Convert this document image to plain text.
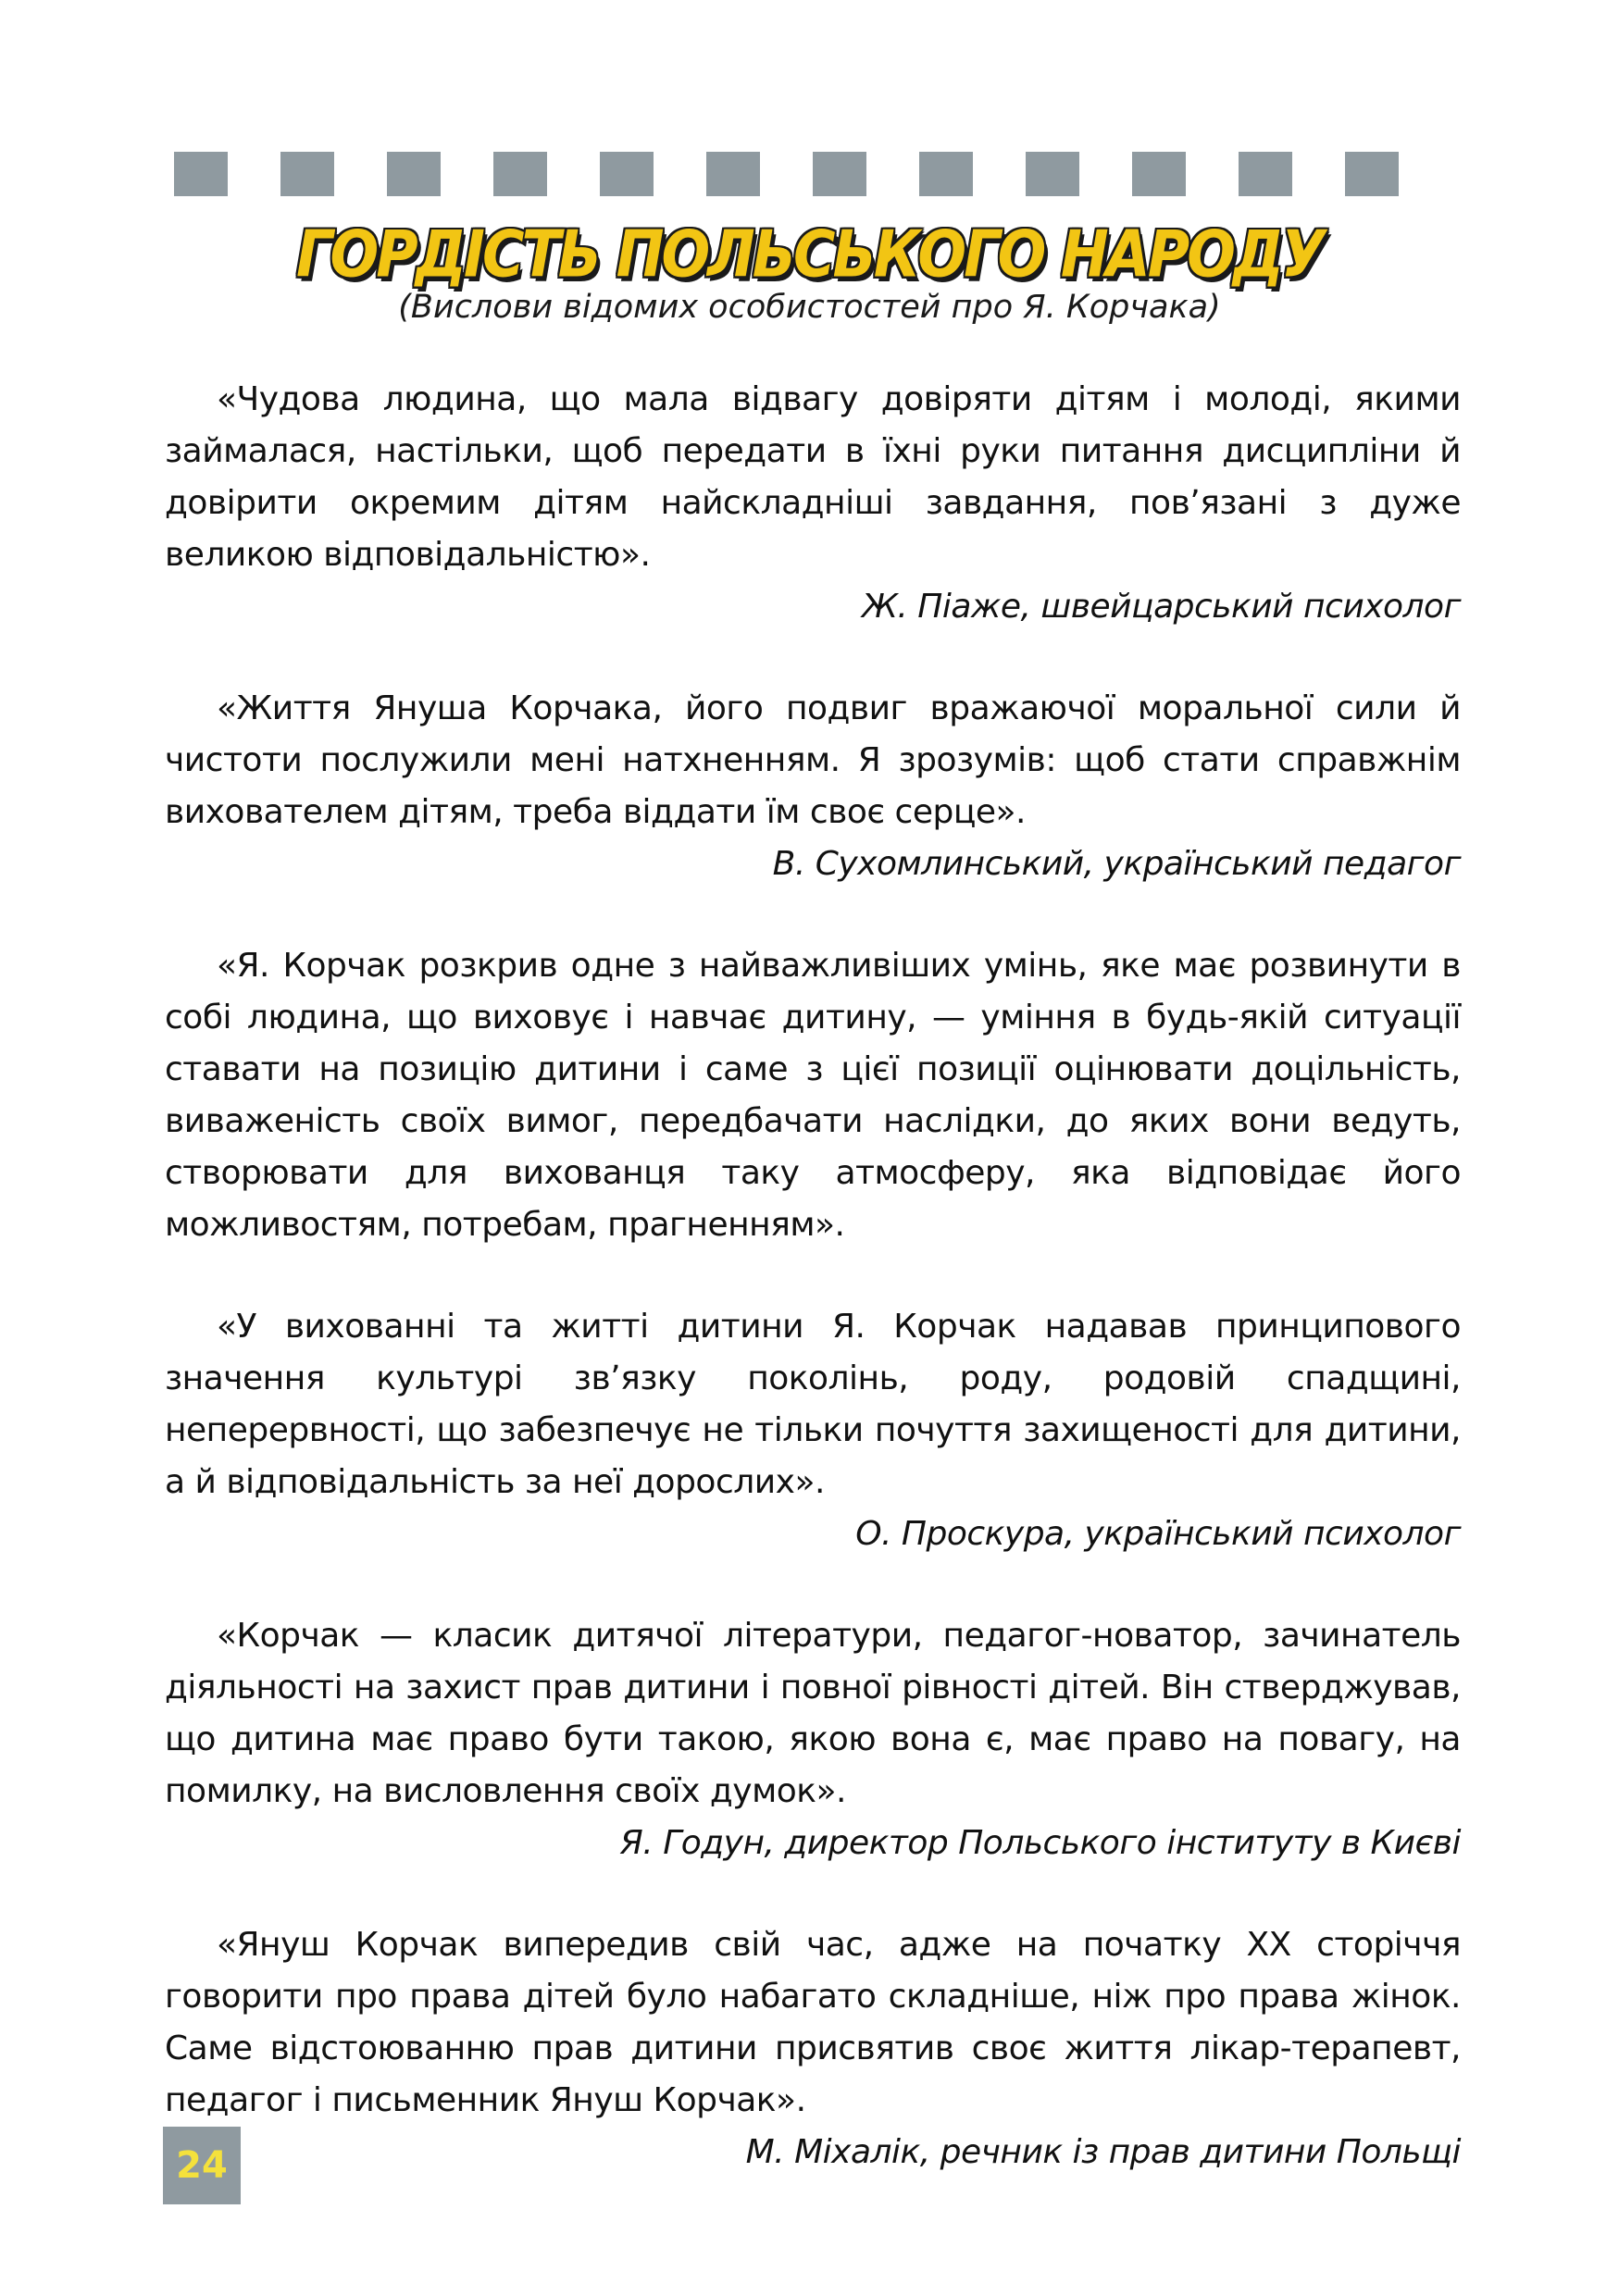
ГОРДІСТЬ ПОЛЬСЬКОГО НАРОДУ
(Вислови відомих особистостей про Я. Корчака)

«Чудова людина, що мала відвагу довіряти дітям і молоді, якими займалася, настільки, щоб передати в їхні руки питання дисципліни й довірити окремим дітям найскладніші завдання, пов’язані з дуже великою відповідальністю».

Ж. Піаже, швейцарський психолог

«Життя Януша Корчака, його подвиг вражаючої моральної сили й чистоти послужили мені натхненням. Я зрозумів: щоб стати справжнім вихователем дітям, треба віддати їм своє серце».

В. Сухомлинський, український педагог

«Я. Корчак розкрив одне з найважливіших умінь, яке має розвинути в собі людина, що виховує і навчає дитину, — уміння в будь-якій ситуації ставати на позицію дитини і саме з цієї позиції оцінювати доцільність, виваженість своїх вимог, передбачати наслідки, до яких вони ведуть, створювати для вихованця таку атмосферу, яка відповідає його можливостям, потребам, прагненням».

«У вихованні та житті дитини Я. Корчак надавав принципового значення культурі зв’язку поколінь, роду, родовій спадщині, неперервності, що забезпечує не тільки почуття захищеності для дитини, а й відповідальність за неї дорослих».

О. Проскура, український психолог

«Корчак — класик дитячої літератури, педагог-новатор, зачинатель діяльності на захист прав дитини і повної рівності дітей. Він стверджував, що дитина має право бути такою, якою вона є, має право на повагу, на помилку, на висловлення своїх думок».

Я. Годун, директор Польського інституту в Києві

«Януш Корчак випередив свій час, адже на початку XX сторіччя говорити про права дітей було набагато складніше, ніж про права жінок. Саме відстоюванню прав дитини присвятив своє життя лікар-терапевт, педагог і письменник Януш Корчак».

М. Міхалік, речник із прав дитини Польщі
24
